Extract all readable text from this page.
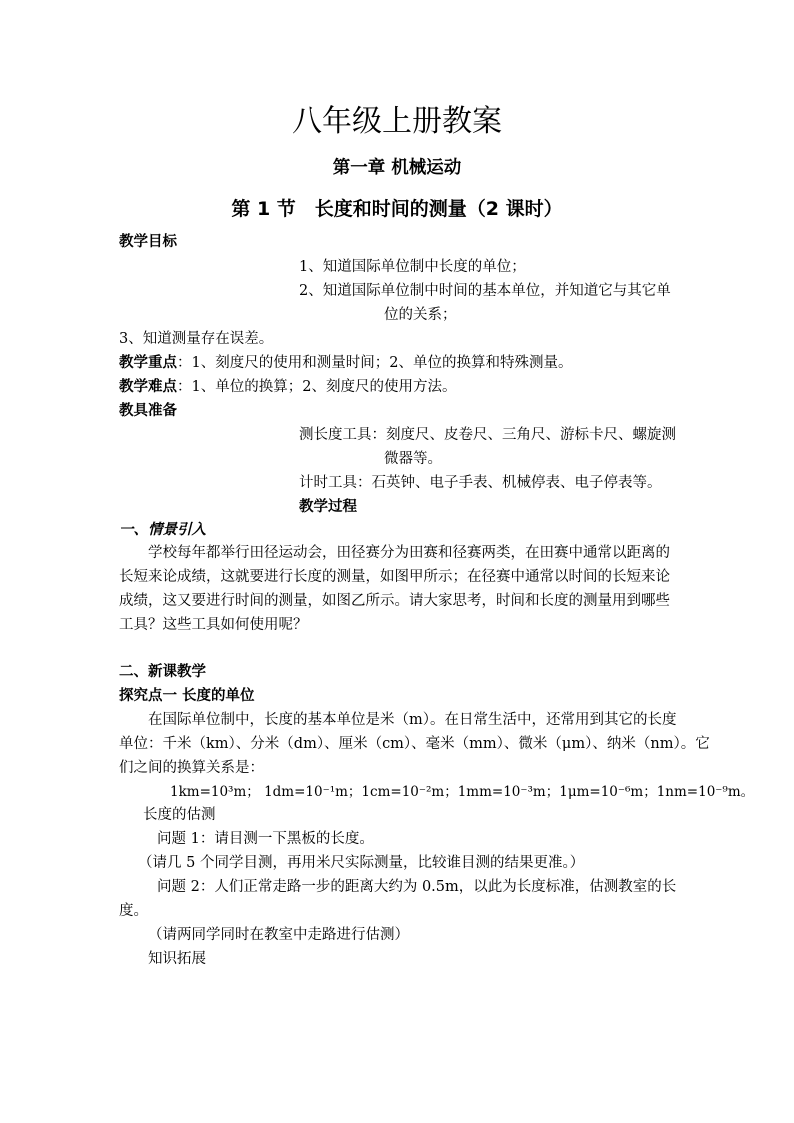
八年级上册教案
第一章 机械运动
第 1 节　长度和时间的测量（2 课时）
教学目标
1、知道国际单位制中长度的单位；
2、知道国际单位制中时间的基本单位，并知道它与其它单
位的关系；
3、知道测量存在误差。
教学重点：1、刻度尺的使用和测量时间；2、单位的换算和特殊测量。
教学难点：1、单位的换算；2、刻度尺的使用方法。
教具准备
测长度工具：刻度尺、皮卷尺、三角尺、游标卡尺、螺旋测
微器等。
计时工具：石英钟、电子手表、机械停表、电子停表等。
教学过程
一、情景引入
学校每年都举行田径运动会，田径赛分为田赛和径赛两类，在田赛中通常以距离的
长短来论成绩，这就要进行长度的测量，如图甲所示；在径赛中通常以时间的长短来论
成绩，这又要进行时间的测量，如图乙所示。请大家思考，时间和长度的测量用到哪些
工具？这些工具如何使用呢？
二、新课教学
探究点一 长度的单位
在国际单位制中，长度的基本单位是米（m）。在日常生活中，还常用到其它的长度
单位：千米（km）、分米（dm）、厘米（cm）、毫米（mm）、微米（μm）、纳米（nm）。它
们之间的换算关系是：
1km=10³m； 1dm=10⁻¹m；1cm=10⁻²m；1mm=10⁻³m；1μm=10⁻⁶m；1nm=10⁻⁹m。
长度的估测
问题 1：请目测一下黑板的长度。
（请几 5 个同学目测，再用米尺实际测量，比较谁目测的结果更准。）
问题 2：人们正常走路一步的距离大约为 0.5m，以此为长度标准，估测教室的长
度。
（请两同学同时在教室中走路进行估测）
知识拓展
